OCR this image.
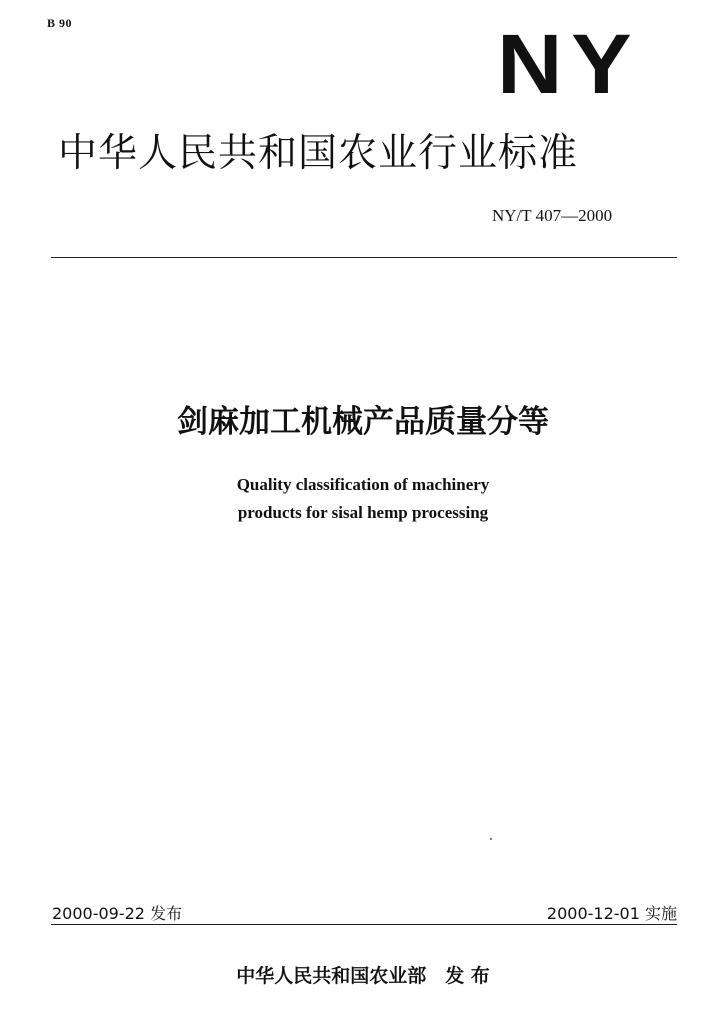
B 90	NY
中华人民共和国农业行业标准
NY/T 407—2000
剑麻加工机械产品质量分等
Quality classification of machinery
products for sisal hemp processing
2000-09-22 发布	2000-12-01 实施
中华人民共和国农业部　发 布
